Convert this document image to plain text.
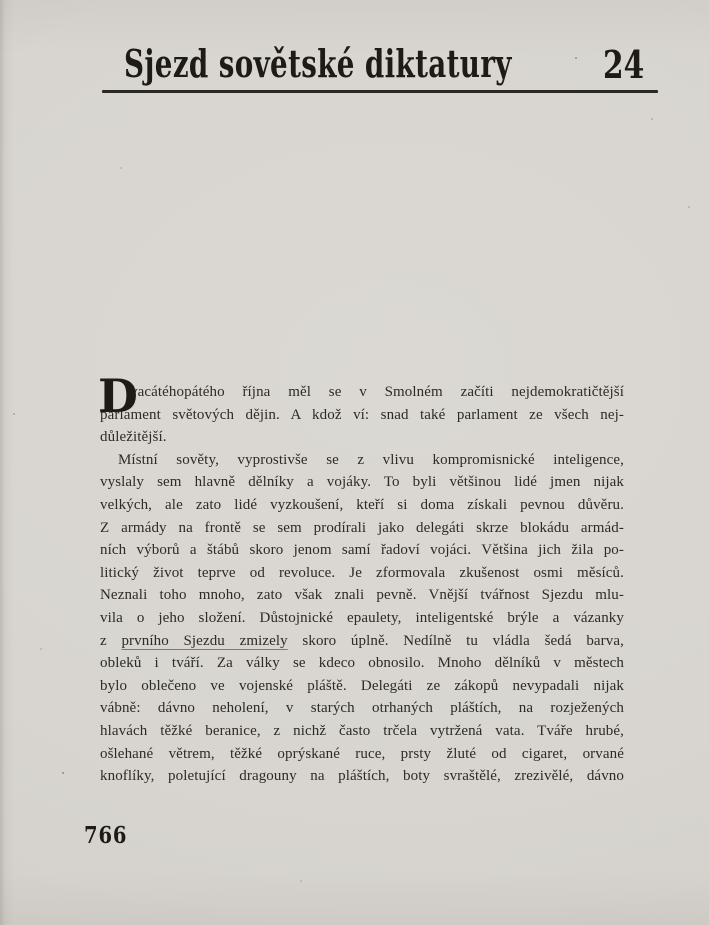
Sjezd sovětské diktatury 24
D
vacátéhopátého října měl se v Smolném začíti nejdemokratičtější
parlament světových dějin. A kdož ví: snad také parlament ze všech nej-
důležitější.
Místní sověty, vyprostivše se z vlivu kompromisnické inteligence,
vyslaly sem hlavně dělníky a vojáky. To byli většinou lidé jmen nijak
velkých, ale zato lidé vyzkoušení, kteří si doma získali pevnou důvěru.
Z armády na frontě se sem prodírali jako delegáti skrze blokádu armád-
ních výborů a štábů skoro jenom samí řadoví vojáci. Většina jich žila po-
litický život teprve od revoluce. Je zformovala zkušenost osmi měsíců.
Neznali toho mnoho, zato však znali pevně. Vnější tvářnost Sjezdu mlu-
vila o jeho složení. Důstojnické epaulety, inteligentské brýle a vázanky
z prvního Sjezdu zmizely skoro úplně. Nedílně tu vládla šedá barva,
obleků i tváří. Za války se kdeco obnosilo. Mnoho dělníků v městech
bylo oblečeno ve vojenské pláště. Delegáti ze zákopů nevypadali nijak
vábně: dávno neholení, v starých otrhaných pláštích, na rozježených
hlavách těžké beranice, z nichž často trčela vytržená vata. Tváře hrubé,
ošlehané větrem, těžké oprýskané ruce, prsty žluté od cigaret, orvané
knoflíky, poletující dragouny na pláštích, boty svraštělé, zrezivělé, dávno
766
